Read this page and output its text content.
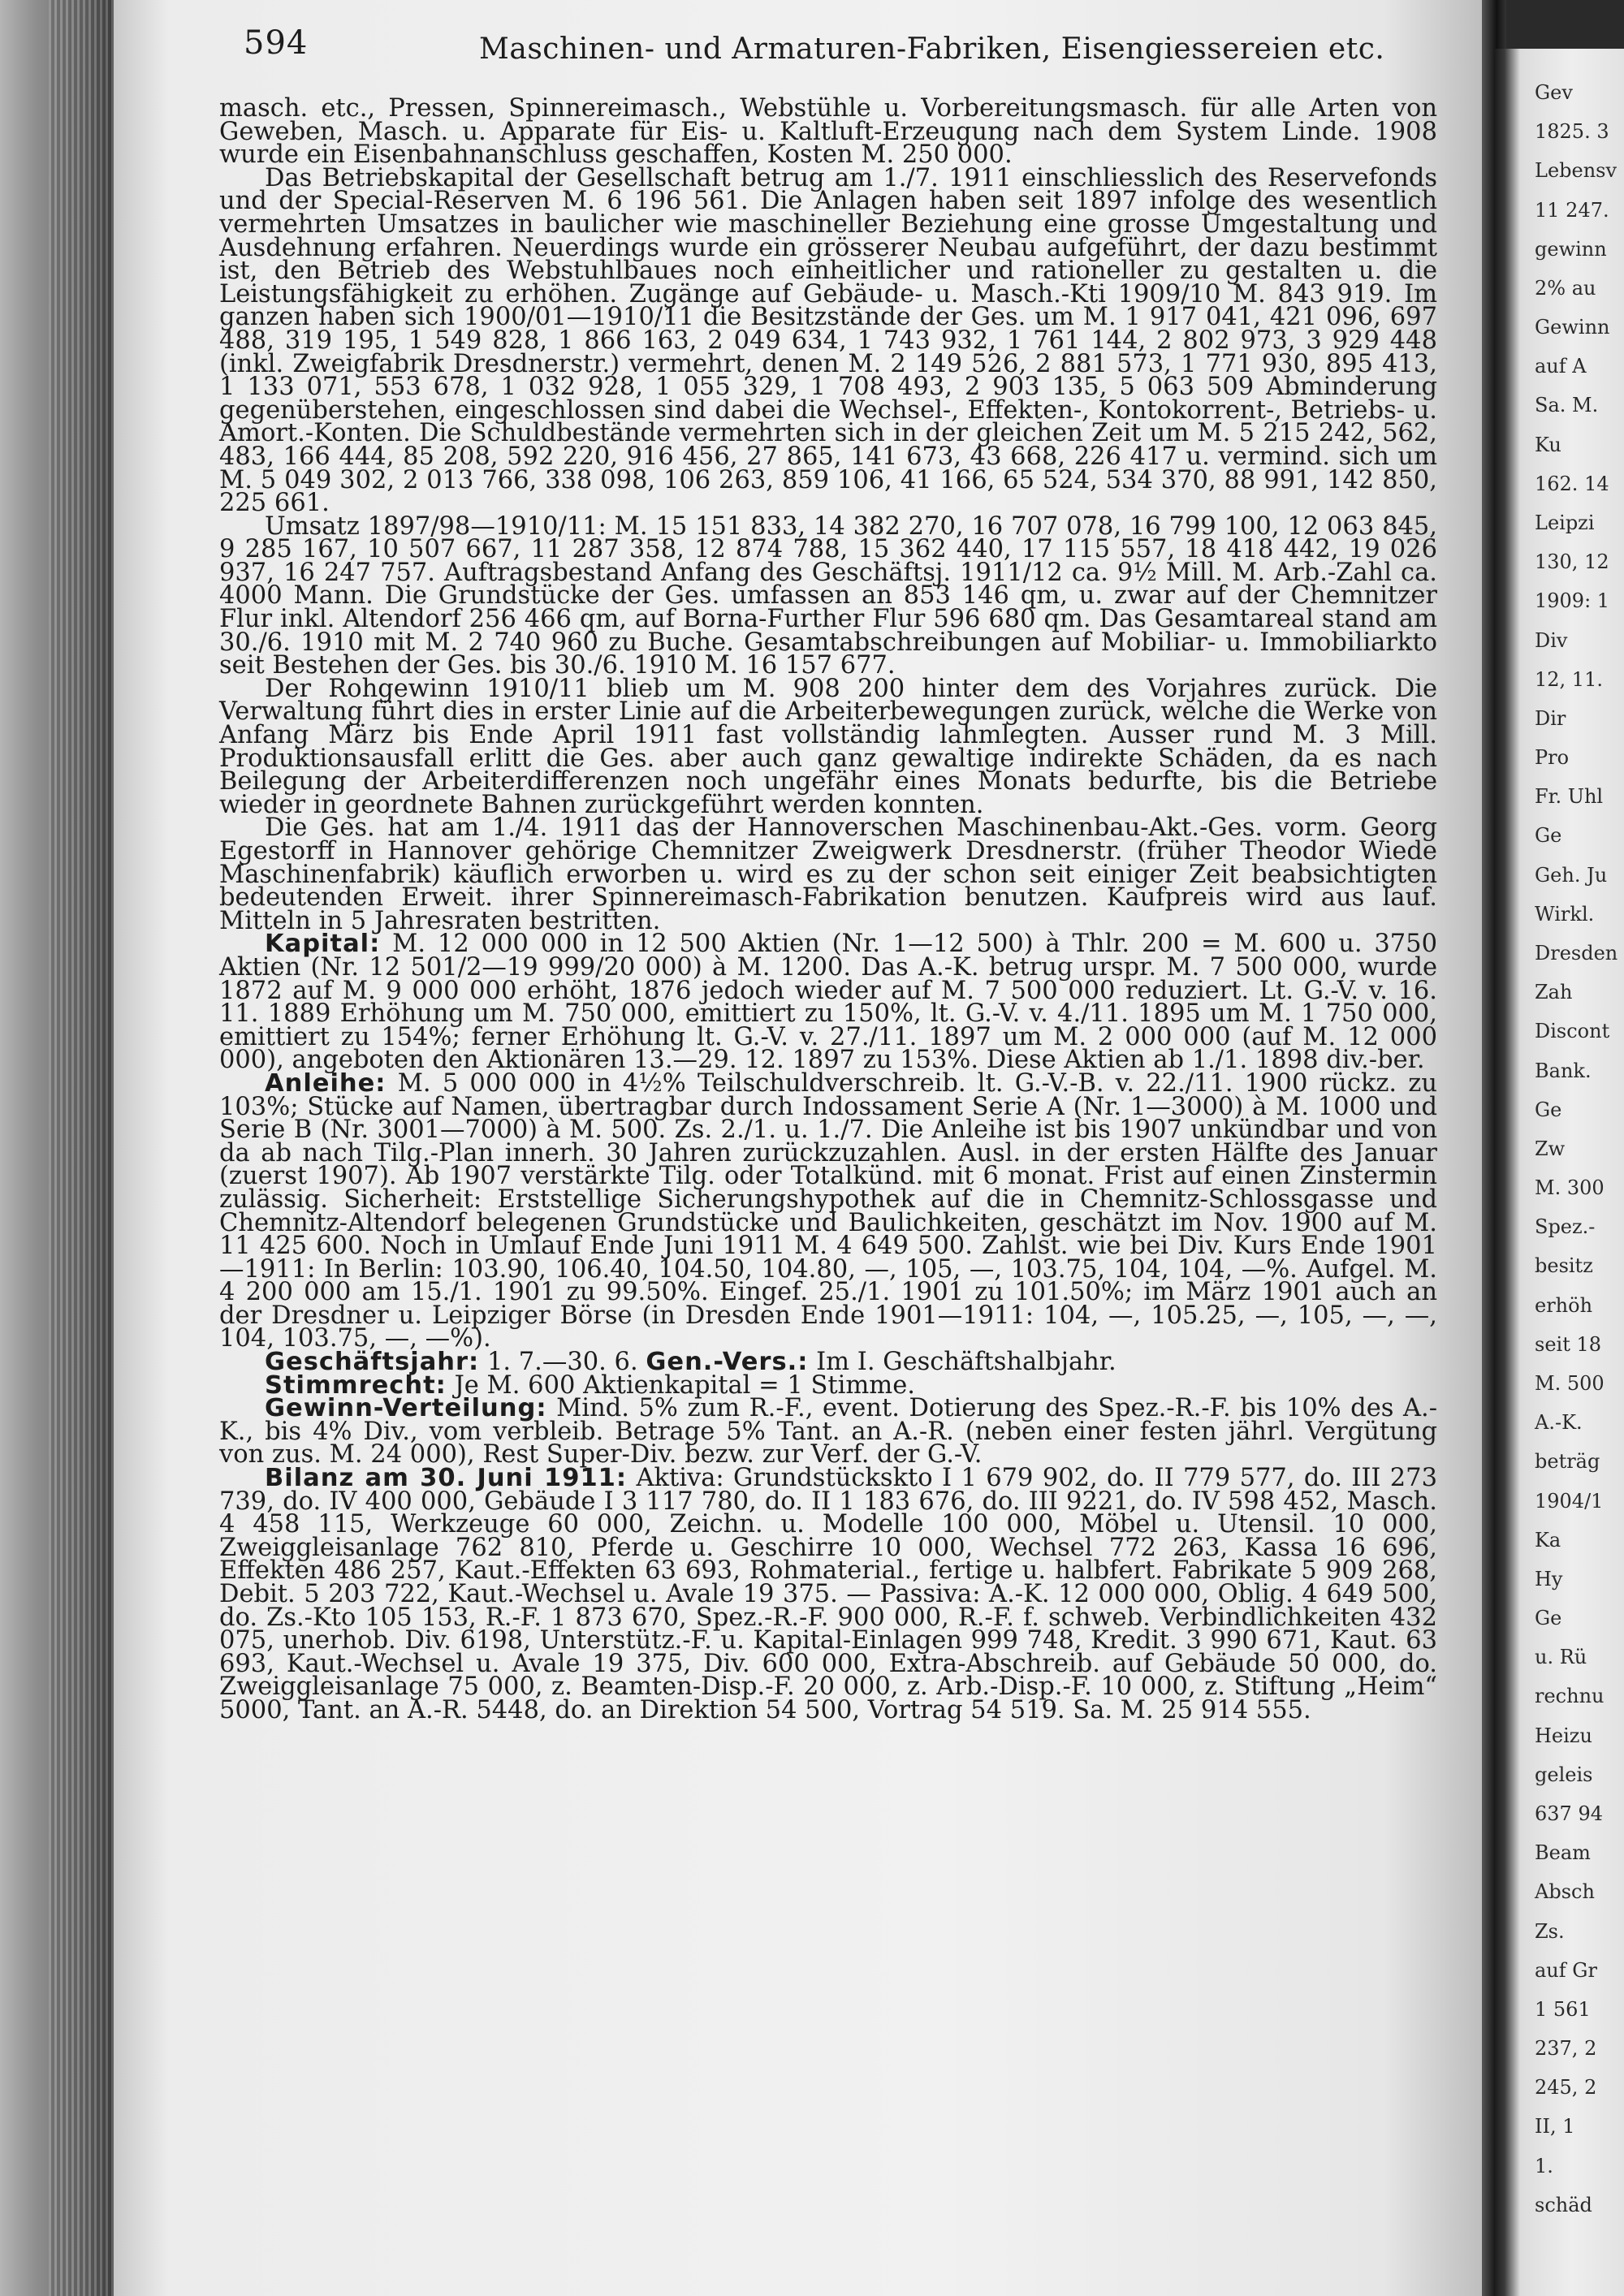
594	Maschinen- und Armaturen-Fabriken, Eisengiessereien etc.

masch. etc., Pressen, Spinnereimasch., Webstühle u. Vorbereitungsmasch. für alle Arten von Geweben, Masch. u. Apparate für Eis- u. Kaltluft-Erzeugung nach dem System Linde. 1908 wurde ein Eisenbahnanschluss geschaffen, Kosten M. 250 000.

Das Betriebskapital der Gesellschaft betrug am 1./7. 1911 einschliesslich des Reservefonds und der Special-Reserven M. 6 196 561. Die Anlagen haben seit 1897 infolge des wesentlich vermehrten Umsatzes in baulicher wie maschineller Beziehung eine grosse Umgestaltung und Ausdehnung erfahren. Neuerdings wurde ein grösserer Neubau aufgeführt, der dazu bestimmt ist, den Betrieb des Webstuhlbaues noch einheitlicher und rationeller zu gestalten u. die Leistungsfähigkeit zu erhöhen. Zugänge auf Gebäude- u. Masch.-Kti 1909/10 M. 843 919. Im ganzen haben sich 1900/01—1910/11 die Besitzstände der Ges. um M. 1 917 041, 421 096, 697 488, 319 195, 1 549 828, 1 866 163, 2 049 634, 1 743 932, 1 761 144, 2 802 973, 3 929 448 (inkl. Zweigfabrik Dresdnerstr.) vermehrt, denen M. 2 149 526, 2 881 573, 1 771 930, 895 413, 1 133 071, 553 678, 1 032 928, 1 055 329, 1 708 493, 2 903 135, 5 063 509 Abminderung gegenüberstehen, eingeschlossen sind dabei die Wechsel-, Effekten-, Kontokorrent-, Betriebs- u. Amort.-Konten. Die Schuldbestände vermehrten sich in der gleichen Zeit um M. 5 215 242, 562, 483, 166 444, 85 208, 592 220, 916 456, 27 865, 141 673, 43 668, 226 417 u. vermind. sich um M. 5 049 302, 2 013 766, 338 098, 106 263, 859 106, 41 166, 65 524, 534 370, 88 991, 142 850, 225 661.

Umsatz 1897/98—1910/11: M. 15 151 833, 14 382 270, 16 707 078, 16 799 100, 12 063 845, 9 285 167, 10 507 667, 11 287 358, 12 874 788, 15 362 440, 17 115 557, 18 418 442, 19 026 937, 16 247 757. Auftragsbestand Anfang des Geschäftsj. 1911/12 ca. 9½ Mill. M. Arb.-Zahl ca. 4000 Mann. Die Grundstücke der Ges. umfassen an 853 146 qm, u. zwar auf der Chemnitzer Flur inkl. Altendorf 256 466 qm, auf Borna-Further Flur 596 680 qm. Das Gesamtareal stand am 30./6. 1910 mit M. 2 740 960 zu Buche. Gesamtabschreibungen auf Mobiliar- u. Immobiliarkto seit Bestehen der Ges. bis 30./6. 1910 M. 16 157 677.

Der Rohgewinn 1910/11 blieb um M. 908 200 hinter dem des Vorjahres zurück. Die Verwaltung führt dies in erster Linie auf die Arbeiterbewegungen zurück, welche die Werke von Anfang März bis Ende April 1911 fast vollständig lahmlegten. Ausser rund M. 3 Mill. Produktionsausfall erlitt die Ges. aber auch ganz gewaltige indirekte Schäden, da es nach Beilegung der Arbeiterdifferenzen noch ungefähr eines Monats bedurfte, bis die Betriebe wieder in geordnete Bahnen zurückgeführt werden konnten.

Die Ges. hat am 1./4. 1911 das der Hannoverschen Maschinenbau-Akt.-Ges. vorm. Georg Egestorff in Hannover gehörige Chemnitzer Zweigwerk Dresdnerstr. (früher Theodor Wiede Maschinenfabrik) käuflich erworben u. wird es zu der schon seit einiger Zeit beabsichtigten bedeutenden Erweit. ihrer Spinnereimasch-Fabrikation benutzen. Kaufpreis wird aus lauf. Mitteln in 5 Jahresraten bestritten.

Kapital: M. 12 000 000 in 12 500 Aktien (Nr. 1—12 500) à Thlr. 200 = M. 600 u. 3750 Aktien (Nr. 12 501/2—19 999/20 000) à M. 1200. Das A.-K. betrug urspr. M. 7 500 000, wurde 1872 auf M. 9 000 000 erhöht, 1876 jedoch wieder auf M. 7 500 000 reduziert. Lt. G.-V. v. 16. 11. 1889 Erhöhung um M. 750 000, emittiert zu 150%, lt. G.-V. v. 4./11. 1895 um M. 1 750 000, emittiert zu 154%; ferner Erhöhung lt. G.-V. v. 27./11. 1897 um M. 2 000 000 (auf M. 12 000 000), angeboten den Aktionären 13.—29. 12. 1897 zu 153%. Diese Aktien ab 1./1. 1898 div.-ber.

Anleihe: M. 5 000 000 in 4½% Teilschuldverschreib. lt. G.-V.-B. v. 22./11. 1900 rückz. zu 103%; Stücke auf Namen, übertragbar durch Indossament Serie A (Nr. 1—3000) à M. 1000 und Serie B (Nr. 3001—7000) à M. 500. Zs. 2./1. u. 1./7. Die Anleihe ist bis 1907 unkündbar und von da ab nach Tilg.-Plan innerh. 30 Jahren zurückzuzahlen. Ausl. in der ersten Hälfte des Januar (zuerst 1907). Ab 1907 verstärkte Tilg. oder Totalkünd. mit 6 monat. Frist auf einen Zinstermin zulässig. Sicherheit: Erststellige Sicherungshypothek auf die in Chemnitz-Schlossgasse und Chemnitz-Altendorf belegenen Grundstücke und Baulichkeiten, geschätzt im Nov. 1900 auf M. 11 425 600. Noch in Umlauf Ende Juni 1911 M. 4 649 500. Zahlst. wie bei Div. Kurs Ende 1901—1911: In Berlin: 103.90, 106.40, 104.50, 104.80, —, 105, —, 103.75, 104, 104, —%. Aufgel. M. 4 200 000 am 15./1. 1901 zu 99.50%. Eingef. 25./1. 1901 zu 101.50%; im März 1901 auch an der Dresdner u. Leipziger Börse (in Dresden Ende 1901—1911: 104, —, 105.25, —, 105, —, —, 104, 103.75, —, —%).

Geschäftsjahr: 1. 7.—30. 6. Gen.-Vers.: Im I. Geschäftshalbjahr.

Stimmrecht: Je M. 600 Aktienkapital = 1 Stimme.

Gewinn-Verteilung: Mind. 5% zum R.-F., event. Dotierung des Spez.-R.-F. bis 10% des A.-K., bis 4% Div., vom verbleib. Betrage 5% Tant. an A.-R. (neben einer festen jährl. Vergütung von zus. M. 24 000), Rest Super-Div. bezw. zur Verf. der G.-V.

Bilanz am 30. Juni 1911: Aktiva: Grundstückskto I 1 679 902, do. II 779 577, do. III 273 739, do. IV 400 000, Gebäude I 3 117 780, do. II 1 183 676, do. III 9221, do. IV 598 452, Masch. 4 458 115, Werkzeuge 60 000, Zeichn. u. Modelle 100 000, Möbel u. Utensil. 10 000, Zweiggleisanlage 762 810, Pferde u. Geschirre 10 000, Wechsel 772 263, Kassa 16 696, Effekten 486 257, Kaut.-Effekten 63 693, Rohmaterial., fertige u. halbfert. Fabrikate 5 909 268, Debit. 5 203 722, Kaut.-Wechsel u. Avale 19 375. — Passiva: A.-K. 12 000 000, Oblig. 4 649 500, do. Zs.-Kto 105 153, R.-F. 1 873 670, Spez.-R.-F. 900 000, R.-F. f. schweb. Verbindlichkeiten 432 075, unerhob. Div. 6198, Unterstütz.-F. u. Kapital-Einlagen 999 748, Kredit. 3 990 671, Kaut. 63 693, Kaut.-Wechsel u. Avale 19 375, Div. 600 000, Extra-Abschreib. auf Gebäude 50 000, do. Zweiggleisanlage 75 000, z. Beamten-Disp.-F. 20 000, z. Arb.-Disp.-F. 10 000, z. Stiftung „Heim“ 5000, Tant. an A.-R. 5448, do. an Direktion 54 500, Vortrag 54 519. Sa. M. 25 914 555.

Gev
1825. 3
Lebensv
11 247.
gewinn
2% au
Gewinn
auf A
Sa. M.
Ku
162. 14
Leipzi
130, 12
1909: 1
Div
12, 11.
Dir
Pro
Fr. Uhl
Ge
Geh. Ju
Wirkl.
Dresden
Zah
Discont
Bank.
Ge
Zw
M. 300
Spez.-
besitz
erhöh
seit 18
M. 500
A.-K.
beträg
1904/1
Ka
Hy
Ge
u. Rü
rechnu
Heizu
geleis
637 94
Beam
Absch
Zs.
auf Gr
1 561
237, 2
245, 2
II, 1
1.
schäd
